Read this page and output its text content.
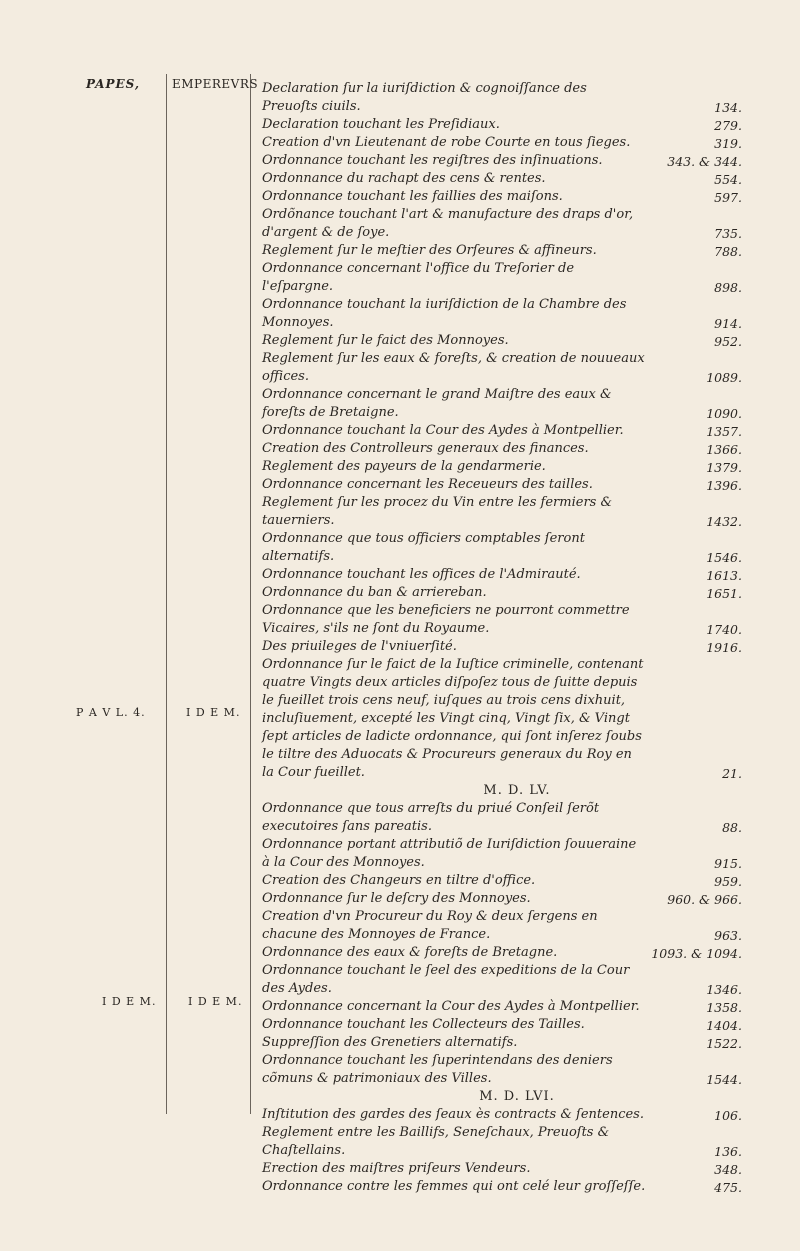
PAPES,	EMPEREVRS
P A V L. 4.	I D E M.
I D E M.	I D E M.
Declaration ſur la iuriſdiction & cognoiſſance des Preuoſts ciuils.	134.
Declaration touchant les Preſidiaux.	279.
Creation d'vn Lieutenant de robe Courte en tous ſieges.	319.
Ordonnance touchant les regiſtres des inſinuations.	343. & 344.
Ordonnance du rachapt des cens & rentes.	554.
Ordonnance touchant les faillies des maiſons.	597.
Ordõnance touchant l'art & manufacture des draps d'or, d'argent & de ſoye.	735.
Reglement ſur le meſtier des Orſeures & affineurs.	788.
Ordonnance concernant l'office du Treſorier de l'eſpargne.	898.
Ordonnance touchant la iuriſdiction de la Chambre des Monnoyes.	914.
Reglement ſur le faict des Monnoyes.	952.
Reglement ſur les eaux & foreſts, & creation de nouueaux offices.	1089.
Ordonnance concernant le grand Maiſtre des eaux & foreſts de Bretaigne.	1090.
Ordonnance touchant la Cour des Aydes à Montpellier.	1357.
Creation des Controlleurs generaux des finances.	1366.
Reglement des payeurs de la gendarmerie.	1379.
Ordonnance concernant les Receueurs des tailles.	1396.
Reglement ſur les procez du Vin entre les fermiers & tauerniers.	1432.
Ordonnance que tous officiers comptables ſeront alternatifs.	1546.
Ordonnance touchant les offices de l'Admirauté.	1613.
Ordonnance du ban & arriereban.	1651.
Ordonnance que les beneficiers ne pourront commettre Vicaires, s'ils ne ſont du Royaume.	1740.
Des priuileges de l'vniuerſité.	1916.
Ordonnance ſur le faict de la Iuſtice criminelle, contenant quatre Vingts deux articles diſpoſez tous de ſuitte depuis le fueillet trois cens neuf, iuſques au trois cens dixhuit, incluſiuement, excepté les Vingt cinq, Vingt ſix, & Vingt ſept articles de ladicte ordonnance, qui ſont inſerez ſoubs le tiltre des Aduocats & Procureurs generaux du Roy en la Cour fueillet.	21.
M. D. LV.
Ordonnance que tous arreſts du priué Conſeil ſerõt executoires ſans pareatis.	88.
Ordonnance portant attributiõ de Iuriſdiction ſouueraine à la Cour des Monnoyes.	915.
Creation des Changeurs en tiltre d'office.	959.
Ordonnance ſur le deſcry des Monnoyes.	960. & 966.
Creation d'vn Procureur du Roy & deux ſergens en chacune des Monnoyes de France.	963.
Ordonnance des eaux & foreſts de Bretagne.	1093. & 1094.
Ordonnance touchant le ſeel des expeditions de la Cour des Aydes.	1346.
Ordonnance concernant la Cour des Aydes à Montpellier.	1358.
Ordonnance touchant les Collecteurs des Tailles.	1404.
Suppreſſion des Grenetiers alternatifs.	1522.
Ordonnance touchant les ſuperintendans des deniers cõmuns & patrimoniaux des Villes.	1544.
M. D. LVI.
Inſtitution des gardes des ſeaux ès contracts & ſentences.	106.
Reglement entre les Baillifs, Seneſchaux, Preuoſts & Chaſtellains.	136.
Erection des maiſtres priſeurs Vendeurs.	348.
Ordonnance contre les femmes qui ont celé leur groſſeſſe.	475.
